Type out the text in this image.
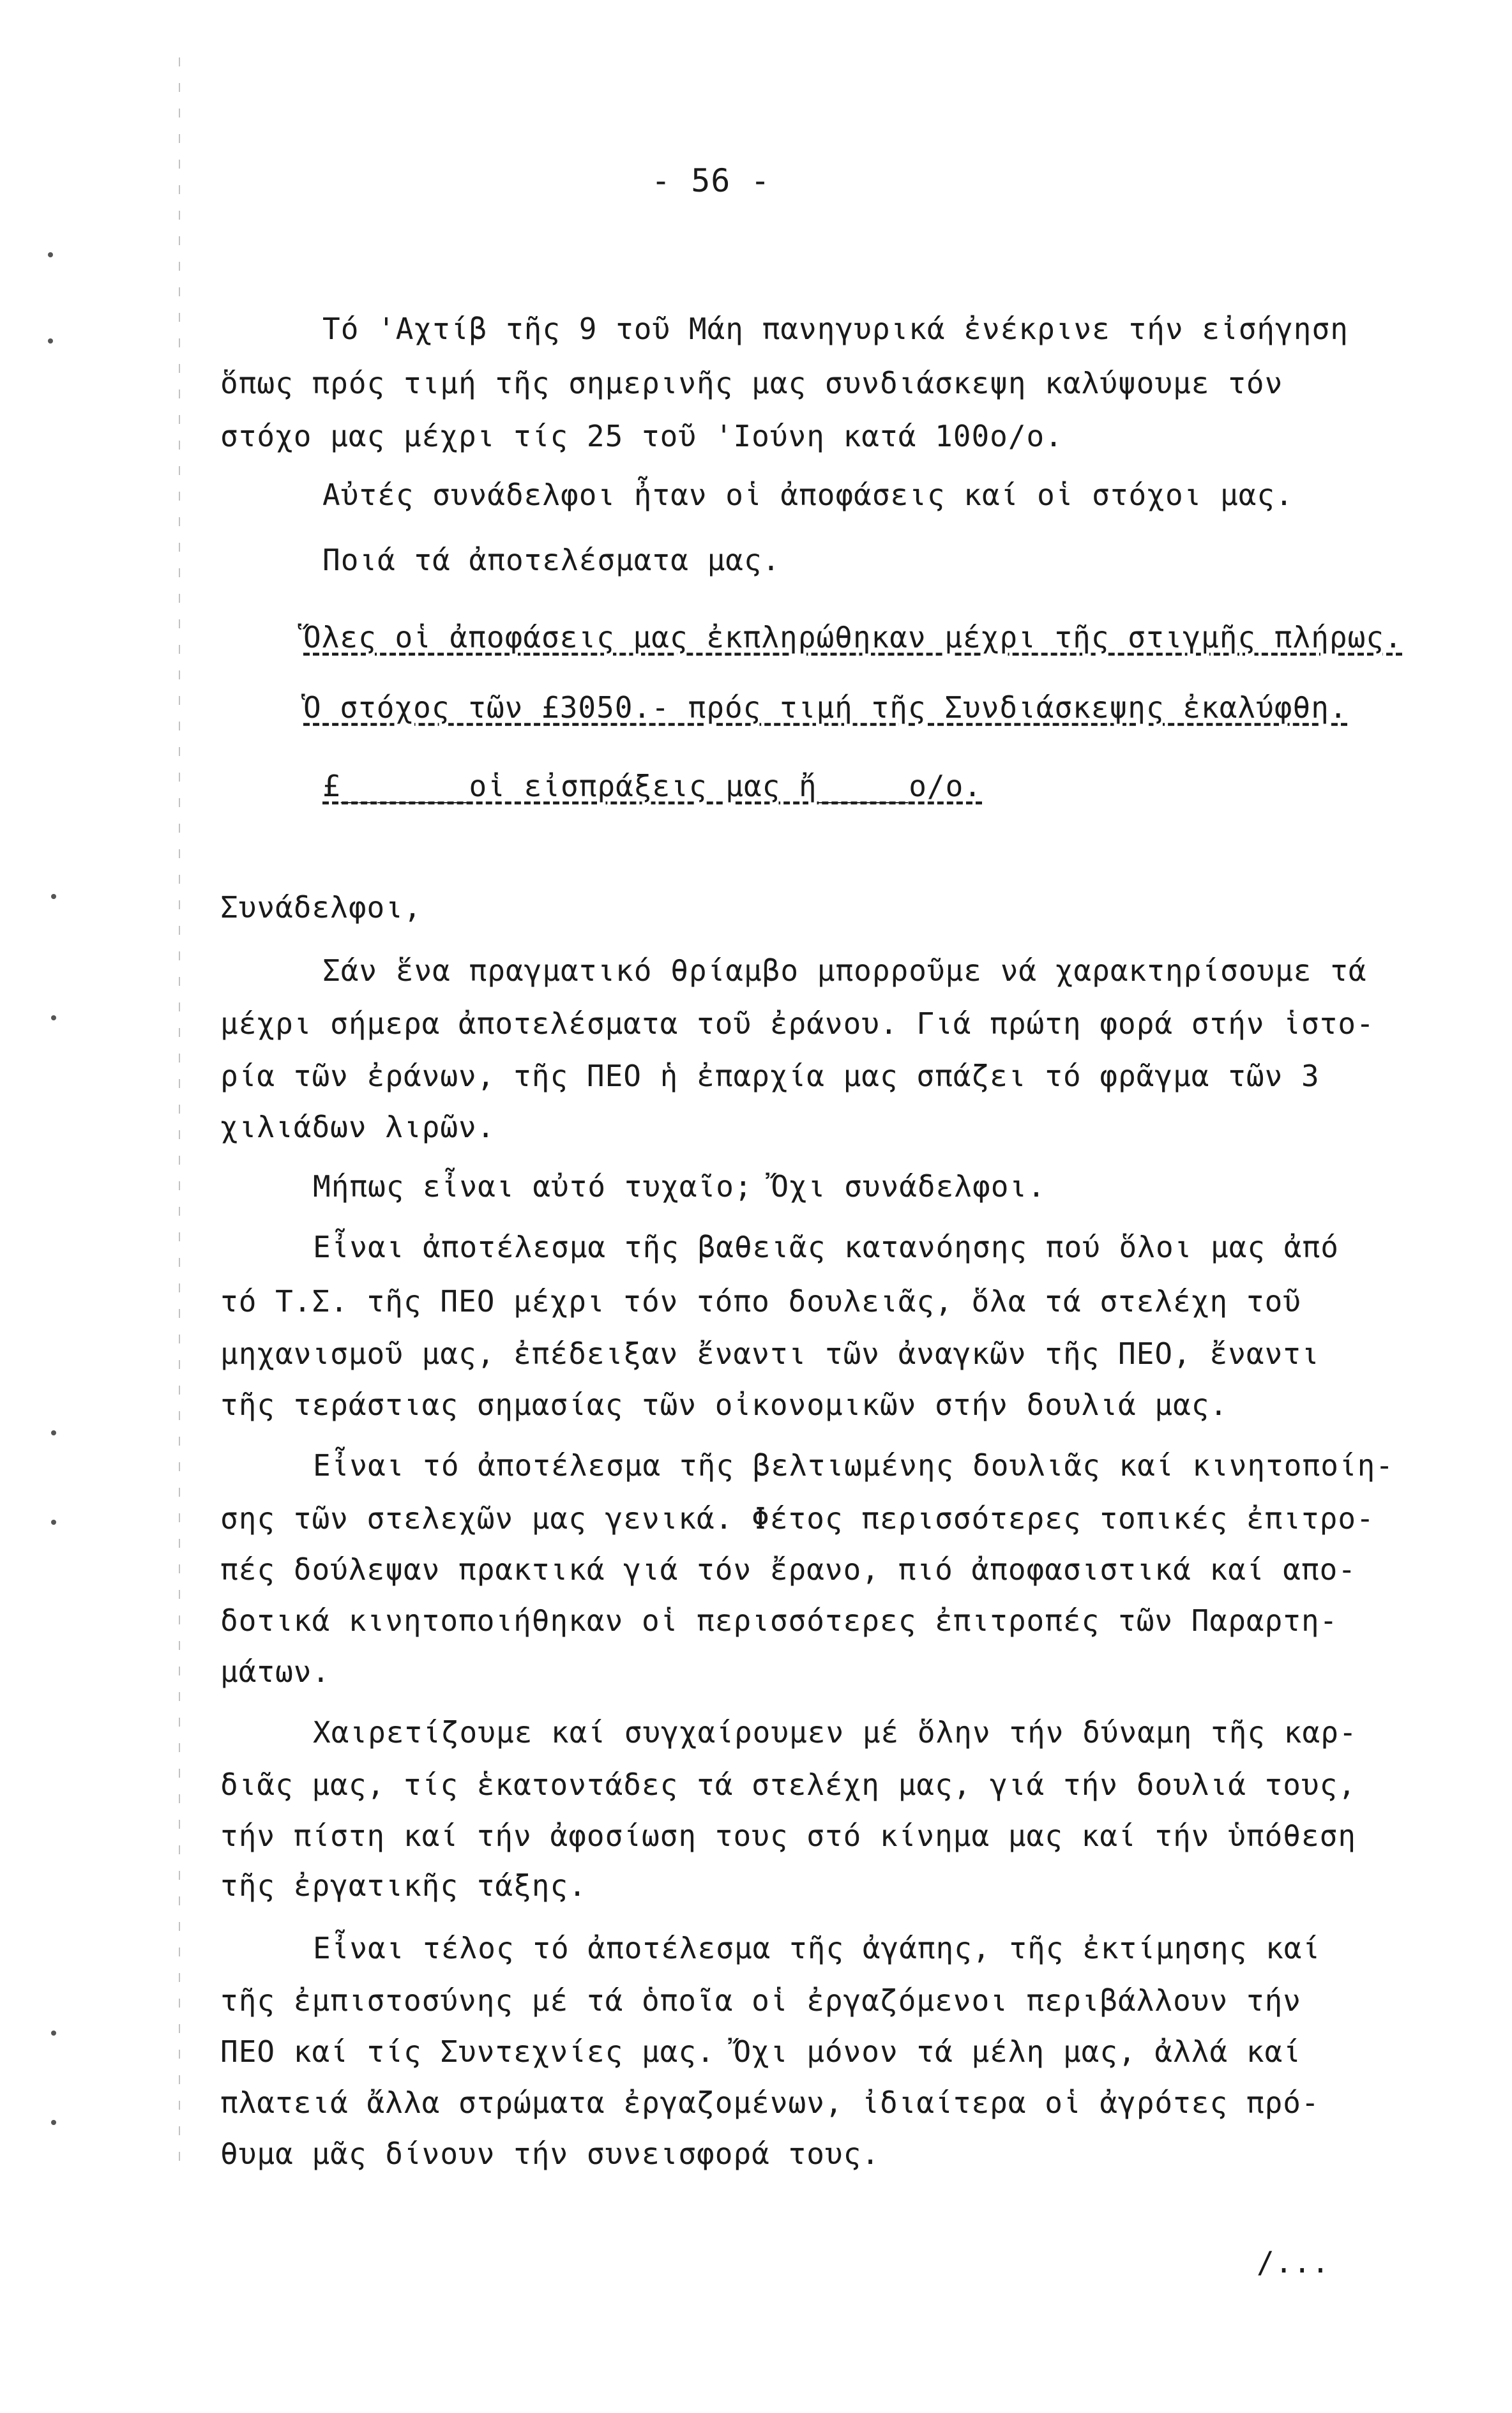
- 56 -
Τό 'Αχτίβ τῆς 9 τοῦ Μάη πανηγυρικά ἐνέκρινε τήν εἰσήγηση
ὅπως πρός τιμή τῆς σημερινῆς μας συνδιάσκεψη καλύψουμε τόν
στόχο μας μέχρι τίς 25 τοῦ 'Ιούνη κατά 100ο/ο.
Αὐτές συνάδελφοι ἦταν οἱ ἀποφάσεις καί οἱ στόχοι μας.
Ποιά τά ἀποτελέσματα μας.
Ὅλες οἱ ἀποφάσεις μας ἐκπληρώθηκαν μέχρι τῆς στιγμῆς πλήρως.
Ὁ στόχος τῶν £3050.- πρός τιμή τῆς Συνδιάσκεψης ἐκαλύφθη.
£_______οἱ εἰσπράξεις μας ἤ_____ο/ο.
Συνάδελφοι,
Σάν ἕνα πραγματικό θρίαμβο μπορροῦμε νά χαρακτηρίσουμε τά
μέχρι σήμερα ἀποτελέσματα τοῦ ἐράνου. Γιά πρώτη φορά στήν ἱστο-
ρία τῶν ἐράνων, τῆς ΠΕΟ ἡ ἐπαρχία μας σπάζει τό φρᾶγμα τῶν 3
χιλιάδων λιρῶν.
Μήπως εἶναι αὐτό τυχαῖο; Ὄχι συνάδελφοι.
Εἶναι ἀποτέλεσμα τῆς βαθειᾶς κατανόησης πού ὅλοι μας ἀπό
τό Τ.Σ. τῆς ΠΕΟ μέχρι τόν τόπο δουλειᾶς, ὅλα τά στελέχη τοῦ
μηχανισμοῦ μας, ἐπέδειξαν ἔναντι τῶν ἀναγκῶν τῆς ΠΕΟ, ἔναντι
τῆς τεράστιας σημασίας τῶν οἰκονομικῶν στήν δουλιά μας.
Εἶναι τό ἀποτέλεσμα τῆς βελτιωμένης δουλιᾶς καί κινητοποίη-
σης τῶν στελεχῶν μας γενικά. Φέτος περισσότερες τοπικές ἐπιτρο-
πές δούλεψαν πρακτικά γιά τόν ἔρανο, πιό ἀποφασιστικά καί απο-
δοτικά κινητοποιήθηκαν οἱ περισσότερες ἐπιτροπές τῶν Παραρτη-
μάτων.
Χαιρετίζουμε καί συγχαίρουμεν μέ ὅλην τήν δύναμη τῆς καρ-
διᾶς μας, τίς ἑκατοντάδες τά στελέχη μας, γιά τήν δουλιά τους,
τήν πίστη καί τήν ἀφοσίωση τους στό κίνημα μας καί τήν ὑπόθεση
τῆς ἐργατικῆς τάξης.
Εἶναι τέλος τό ἀποτέλεσμα τῆς ἀγάπης, τῆς ἐκτίμησης καί
τῆς ἐμπιστοσύνης μέ τά ὁποῖα οἱ ἐργαζόμενοι περιβάλλουν τήν
ΠΕΟ καί τίς Συντεχνίες μας. Ὄχι μόνον τά μέλη μας, ἀλλά καί
πλατειά ἄλλα στρώματα ἐργαζομένων, ἰδιαίτερα οἱ ἀγρότες πρό-
θυμα μᾶς δίνουν τήν συνεισφορά τους.
/...
